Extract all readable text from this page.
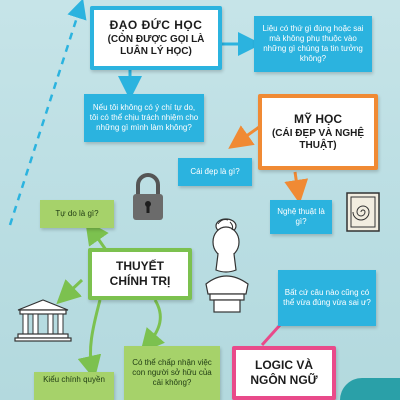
ĐẠO ĐỨC HỌC
(CÒN ĐƯỢC GỌI LÀ LUÂN LÝ HỌC)
Liệu có thứ gì đúng hoặc sai mà không phụ thuộc vào những gì chúng ta tin tưởng không?
Nếu tôi không có ý chí tự do, tôi có thể chịu trách nhiệm cho những gì mình làm không?
MỸ HỌC
(CÁI ĐẸP VÀ NGHỆ THUẬT)
Cái đẹp là gì?
Nghệ thuật là gì?
Tự do là gì?
THUYẾT CHÍNH TRỊ
Bất cứ câu nào cũng có thể vừa đúng vừa sai ư?
Có thể chấp nhận việc con người sở hữu của cải không?
Kiểu chính quyền
LOGIC VÀ NGÔN NGỮ
